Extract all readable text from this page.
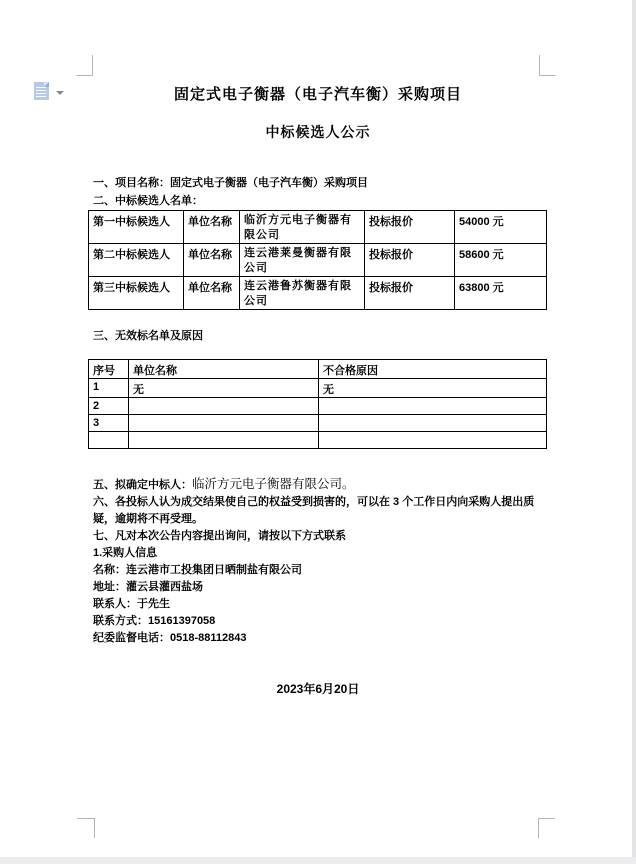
固定式电子衡器（电子汽车衡）采购项目
中标候选人公示
一、项目名称：固定式电子衡器（电子汽车衡）采购项目
二、中标候选人名单：
第一中标候选人	单位名称	临沂方元电子衡器有限公司	投标报价	54000 元
第二中标候选人	单位名称	连云港莱曼衡器有限公司	投标报价	58600 元
第三中标候选人	单位名称	连云港鲁苏衡器有限公司	投标报价	63800 元
三、无效标名单及原因
序号	单位名称	不合格原因
1	无	无
2		
3		

五、拟确定中标人：临沂方元电子衡器有限公司。
六、各投标人认为成交结果使自己的权益受到损害的，可以在 3 个工作日内向采购人提出质疑，逾期将不再受理。
七、凡对本次公告内容提出询问，请按以下方式联系
1.采购人信息
名称：连云港市工投集团日晒制盐有限公司
地址：灌云县灌西盐场
联系人：于先生
联系方式：15161397058
纪委监督电话：0518-88112843
2023年6月20日
